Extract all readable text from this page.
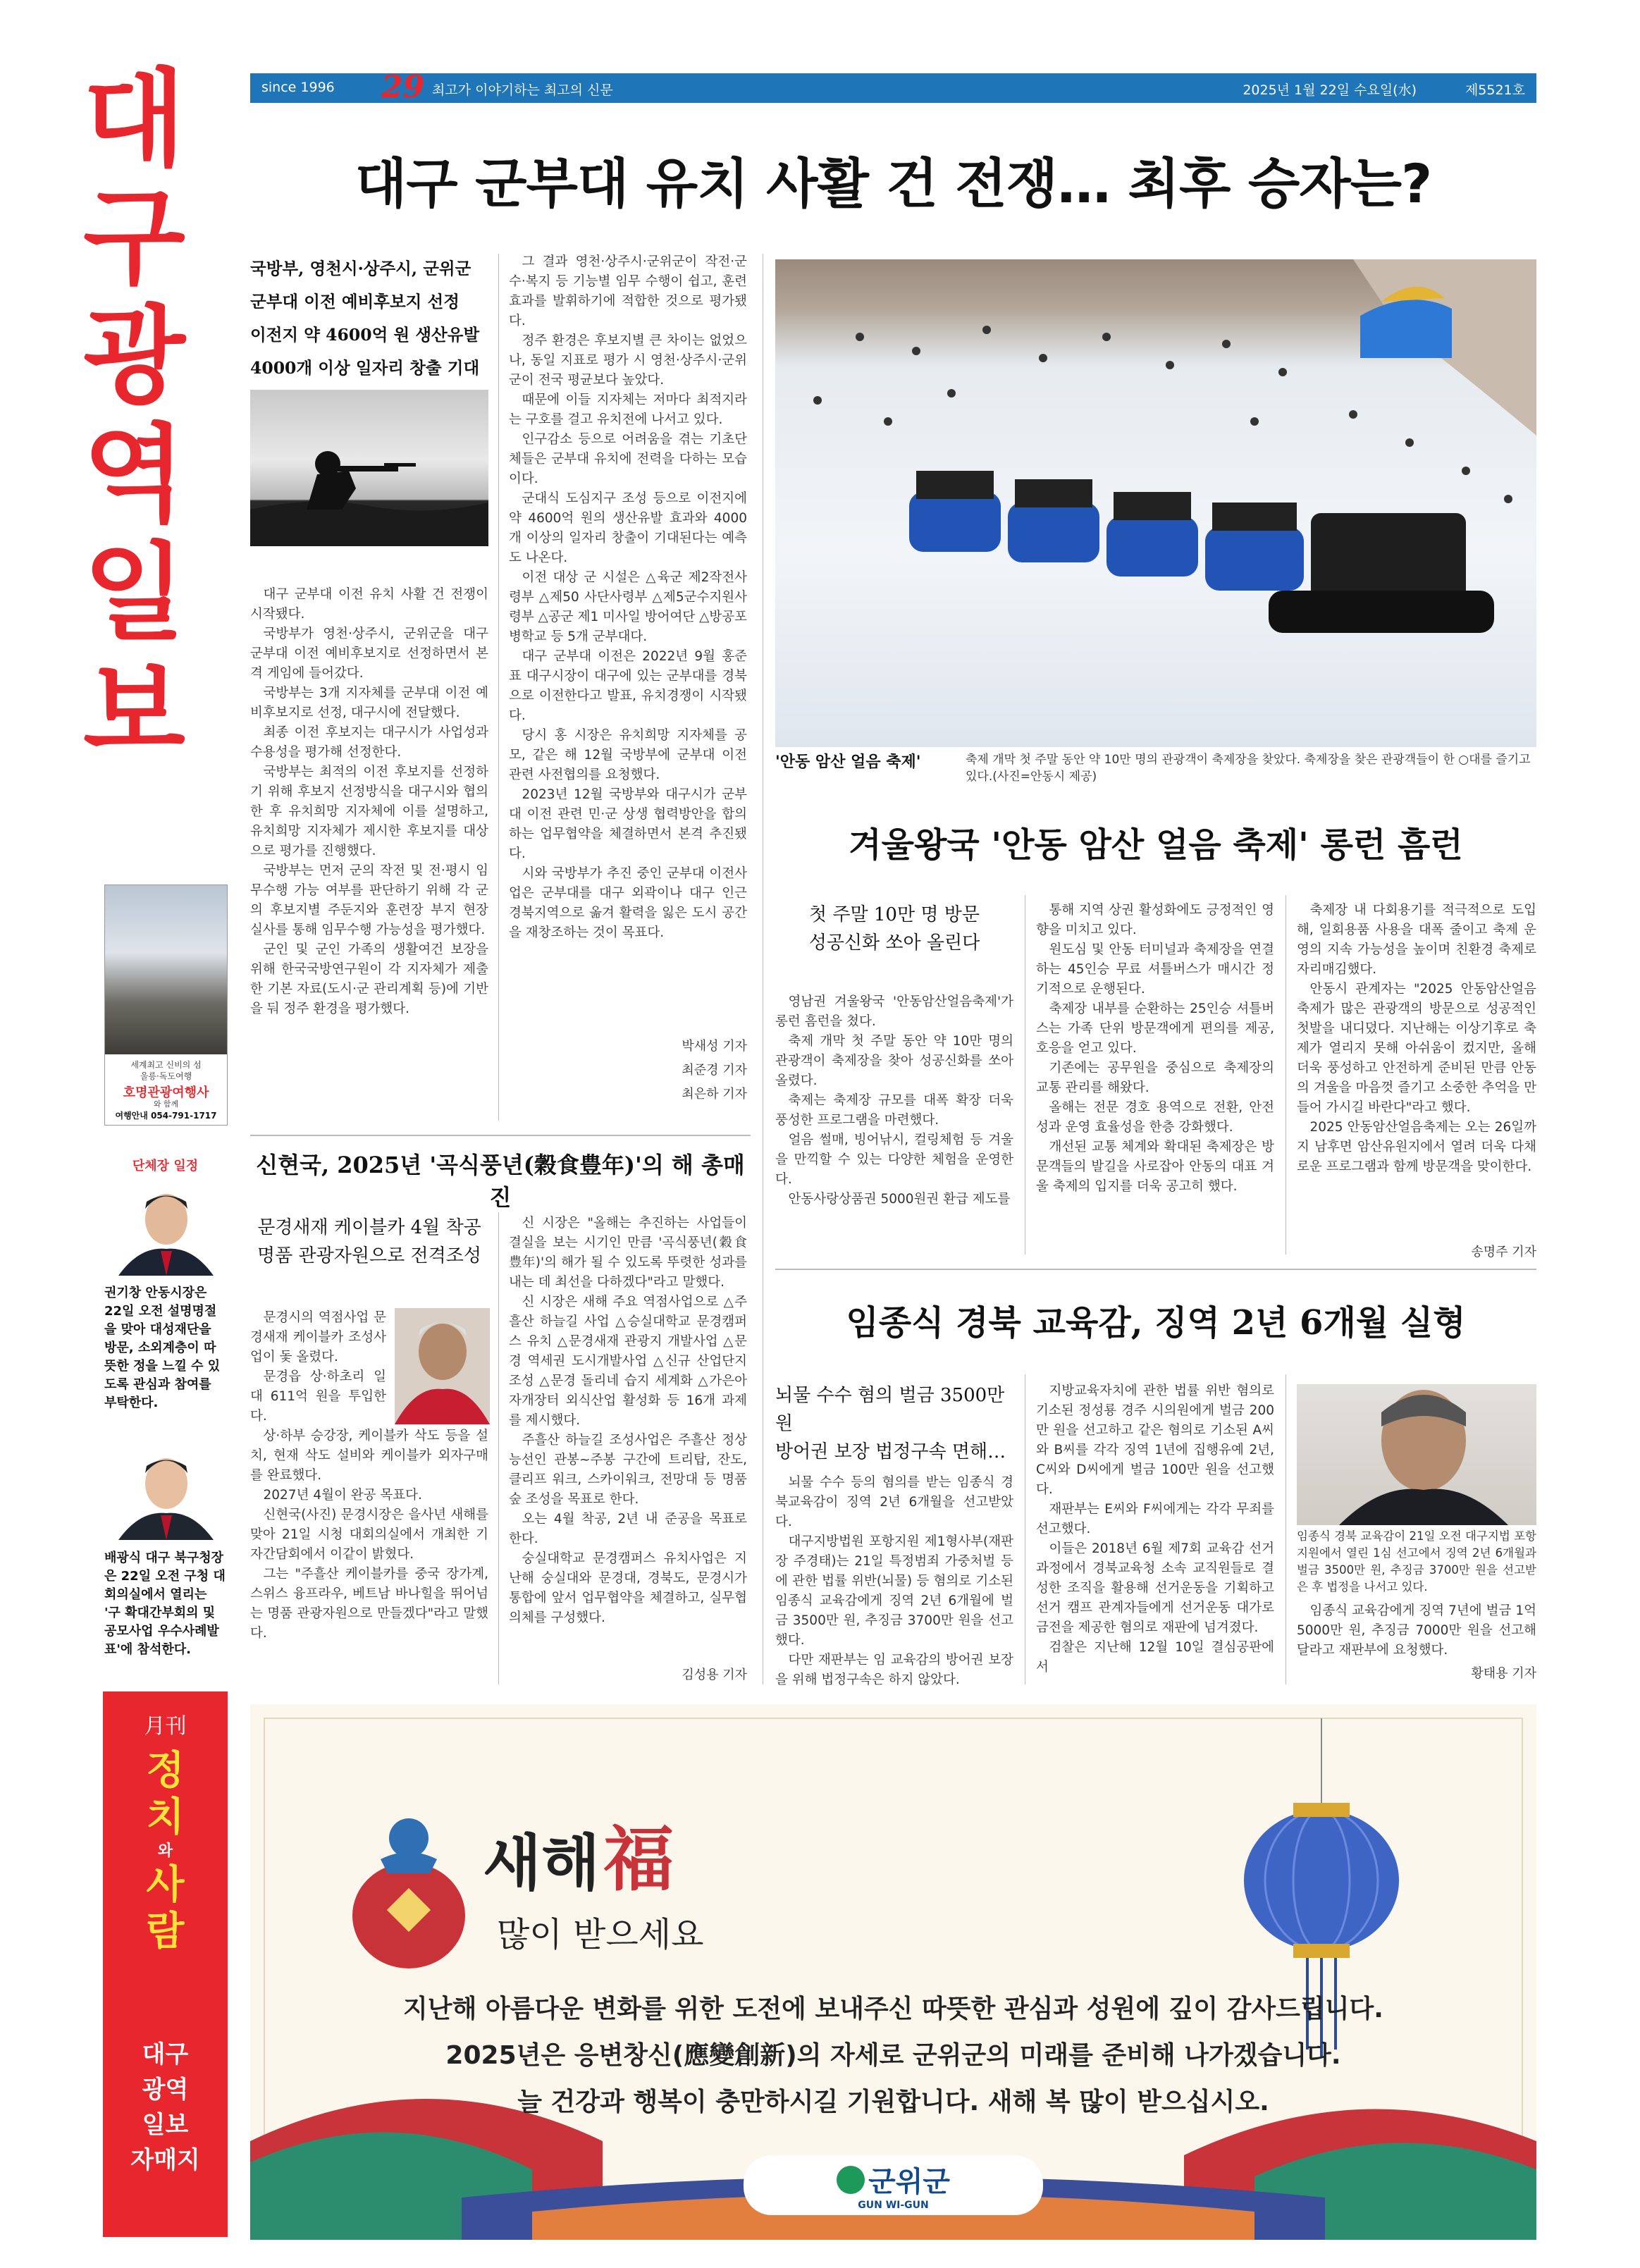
대
구
광
역
일
보
since 1996 29 최고가 이야기하는 최고의 신문	2025년 1월 22일 수요일(水)	제5521호
대구 군부대 유치 사활 건 전쟁… 최후 승자는?
국방부, 영천시·상주시, 군위군
군부대 이전 예비후보지 선정
이전지 약 4600억 원 생산유발
4000개 이상 일자리 창출 기대

대구 군부대 이전 유치 사활 건 전쟁이 시작됐다.

국방부가 영천·상주시, 군위군을 대구 군부대 이전 예비후보지로 선정하면서 본격 게임에 들어갔다.

국방부는 3개 지자체를 군부대 이전 예비후보지로 선정, 대구시에 전달했다.

최종 이전 후보지는 대구시가 사업성과 수용성을 평가해 선정한다.

국방부는 최적의 이전 후보지를 선정하기 위해 후보지 선정방식을 대구시와 협의한 후 유치희망 지자체에 이를 설명하고, 유치희망 지자체가 제시한 후보지를 대상으로 평가를 진행했다.

국방부는 먼저 군의 작전 및 전·평시 임무수행 가능 여부를 판단하기 위해 각 군의 후보지별 주둔지와 훈련장 부지 현장 실사를 통해 임무수행 가능성을 평가했다.

군인 및 군인 가족의 생활여건 보장을 위해 한국국방연구원이 각 지자체가 제출한 기본 자료(도시·군 관리계획 등)에 기반을 둬 정주 환경을 평가했다.

그 결과 영천·상주시·군위군이 작전·군수·복지 등 기능별 임무 수행이 쉽고, 훈련 효과를 발휘하기에 적합한 것으로 평가됐다.

정주 환경은 후보지별 큰 차이는 없었으나, 동일 지표로 평가 시 영천·상주시·군위군이 전국 평균보다 높았다.

때문에 이들 지자체는 저마다 최적지라는 구호를 걸고 유치전에 나서고 있다.

인구감소 등으로 어려움을 겪는 기초단체들은 군부대 유치에 전력을 다하는 모습이다.

군대식 도심지구 조성 등으로 이전지에 약 4600억 원의 생산유발 효과와 4000개 이상의 일자리 창출이 기대된다는 예측도 나온다.

이전 대상 군 시설은 △육군 제2작전사령부 △제50 사단사령부 △제5군수지원사령부 △공군 제1 미사일 방어여단 △방공포병학교 등 5개 군부대다.

대구 군부대 이전은 2022년 9월 홍준표 대구시장이 대구에 있는 군부대를 경북으로 이전한다고 발표, 유치경쟁이 시작됐다.

당시 홍 시장은 유치희망 지자체를 공모, 같은 해 12월 국방부에 군부대 이전 관련 사전협의를 요청했다.

2023년 12월 국방부와 대구시가 군부대 이전 관련 민·군 상생 협력방안을 합의하는 업무협약을 체결하면서 본격 추진됐다.

시와 국방부가 추진 중인 군부대 이전사업은 군부대를 대구 외곽이나 대구 인근 경북지역으로 옮겨 활력을 잃은 도시 공간을 재창조하는 것이 목표다.

박새성 기자
최준경 기자
최은하 기자
'안동 암산 얼음 축제'	축제 개막 첫 주말 동안 약 10만 명의 관광객이 축제장을 찾았다. 축제장을 찾은 관광객들이 한 ○대를 즐기고 있다.(사진=안동시 제공)
겨울왕국 '안동 암산 얼음 축제' 롱런 흠런
첫 주말 10만 명 방문
성공신화 쏘아 올린다

영남권 겨울왕국 '안동암산얼음축제'가 롱런 흠런을 쳤다.

축제 개막 첫 주말 동안 약 10만 명의 관광객이 축제장을 찾아 성공신화를 쏘아 올렸다.

축제는 축제장 규모를 대폭 확장 더욱 풍성한 프로그램을 마련했다.

얼음 썰매, 빙어낚시, 컬링체험 등 겨울을 만끽할 수 있는 다양한 체험을 운영한다.

안동사랑상품권 5000원권 환급 제도를

통해 지역 상권 활성화에도 긍정적인 영향을 미치고 있다.

원도심 및 안동 터미널과 축제장을 연결하는 45인승 무료 셔틀버스가 매시간 정기적으로 운행된다.

축제장 내부를 순환하는 25인승 셔틀버스는 가족 단위 방문객에게 편의를 제공, 호응을 얻고 있다.

기존에는 공무원을 중심으로 축제장의 교통 관리를 해왔다.

올해는 전문 경호 용역으로 전환, 안전성과 운영 효율성을 한층 강화했다.

개선된 교통 체계와 확대된 축제장은 방문객들의 발길을 사로잡아 안동의 대표 겨울 축제의 입지를 더욱 공고히 했다.

축제장 내 다회용기를 적극적으로 도입해, 일회용품 사용을 대폭 줄이고 축제 운영의 지속 가능성을 높이며 친환경 축제로 자리매김했다.

안동시 관계자는 "2025 안동암산얼음축제가 많은 관광객의 방문으로 성공적인 첫발을 내디뎠다. 지난해는 이상기후로 축제가 열리지 못해 아쉬움이 컸지만, 올해 더욱 풍성하고 안전하게 준비된 만큼 안동의 겨울을 마음껏 즐기고 소중한 추억을 만들어 가시길 바란다"라고 했다.

2025 안동암산얼음축제는 오는 26일까지 남후면 암산유원지에서 열려 더욱 다채로운 프로그램과 함께 방문객을 맞이한다.

송명주 기자
임종식 경북 교육감, 징역 2년 6개월 실형
뇌물 수수 혐의 벌금 3500만 원
방어권 보장 법정구속 면해…

뇌물 수수 등의 혐의를 받는 임종식 경북교육감이 징역 2년 6개월을 선고받았다.

대구지방법원 포항지원 제1형사부(재판장 주경태)는 21일 특정범죄 가중처벌 등에 관한 법률 위반(뇌물) 등 혐의로 기소된 임종식 교육감에게 징역 2년 6개월에 벌금 3500만 원, 추징금 3700만 원을 선고했다.

다만 재판부는 임 교육감의 방어권 보장을 위해 법정구속은 하지 않았다.

지방교육자치에 관한 법률 위반 혐의로 기소된 정성룡 경주 시의원에게 벌금 200만 원을 선고하고 같은 혐의로 기소된 A씨와 B씨를 각각 징역 1년에 집행유예 2년, C씨와 D씨에게 벌금 100만 원을 선고했다.

재판부는 E씨와 F씨에게는 각각 무죄를 선고했다.

이들은 2018년 6월 제7회 교육감 선거 과정에서 경북교육청 소속 교직원들로 결성한 조직을 활용해 선거운동을 기획하고 선거 캠프 관계자들에게 선거운동 대가로 금전을 제공한 혐의로 재판에 넘겨졌다.

검찰은 지난해 12월 10일 결심공판에서

임종식 경북 교육감이 21일 오전 대구지법 포항지원에서 열린 1심 선고에서 징역 2년 6개월과 벌금 3500만 원, 추징금 3700만 원을 선고받은 후 법정을 나서고 있다.

임종식 교육감에게 징역 7년에 벌금 1억 5000만 원, 추징금 7000만 원을 선고해달라고 재판부에 요청했다.

황태용 기자
신현국, 2025년 '곡식풍년(穀食豊年)'의 해 총매진
문경새재 케이블카 4월 착공
명품 관광자원으로 전격조성

문경시의 역점사업 문경새재 케이블카 조성사업이 돛 올렸다.

문경읍 상·하초리 일대 611억 원을 투입한다.

상·하부 승강장, 케이블카 삭도 등을 설치, 현재 삭도 설비와 케이블카 외자구매를 완료했다.

2027년 4월이 완공 목표다.

신현국(사진) 문경시장은 을사년 새해를 맞아 21일 시청 대회의실에서 개최한 기자간담회에서 이같이 밝혔다.

그는 "주흘산 케이블카를 중국 장가계, 스위스 융프라우, 베트남 바나힐을 뛰어넘는 명품 관광자원으로 만들겠다"라고 말했다.

신 시장은 "올해는 추진하는 사업들이 결실을 보는 시기인 만큼 '곡식풍년(穀食豊年)'의 해가 될 수 있도록 뚜렷한 성과를 내는 데 최선을 다하겠다"라고 말했다.

신 시장은 새해 주요 역점사업으로 △주흘산 하늘길 사업 △승실대학교 문경캠퍼스 유치 △문경새재 관광지 개발사업 △문경 역세권 도시개발사업 △신규 산업단지 조성 △문경 돌리네 습지 세계화 △가은아자개장터 외식산업 활성화 등 16개 과제를 제시했다.

주흘산 하늘길 조성사업은 주흘산 정상 능선인 관봉~주봉 구간에 트리탑, 잔도, 클리프 워크, 스카이워크, 전망대 등 명품 숲 조성을 목표로 한다.

오는 4월 착공, 2년 내 준공을 목표로 한다.

숭실대학교 문경캠퍼스 유치사업은 지난해 숭실대와 문경대, 경북도, 문경시가 통합에 앞서 업무협약을 체결하고, 실무협의체를 구성했다.

김성용 기자
세계최고 신비의 섬
울릉·독도여행
호명관광여행사
와 함께
여행안내 054-791-1717
단체장 일정
권기창 안동시장은 22일 오전 설명명절을 맞아 대성재단을 방문, 소외계층이 따뜻한 정을 느낄 수 있도록 관심과 참여를 부탁한다.
배광식 대구 북구청장은 22일 오전 구청 대회의실에서 열리는 '구 확대간부회의 및 공모사업 우수사례발표'에 참석한다.
月刊
정
치
와
사
람
대구
광역
일보
자매지
새해 福
많이 받으세요
지난해 아름다운 변화를 위한 도전에 보내주신 따뜻한 관심과 성원에 깊이 감사드립니다.
2025년은 응변창신(應變創新)의 자세로 군위군의 미래를 준비해 나가겠습니다.
늘 건강과 행복이 충만하시길 기원합니다. 새해 복 많이 받으십시오.
군위군
GUN WI-GUN
